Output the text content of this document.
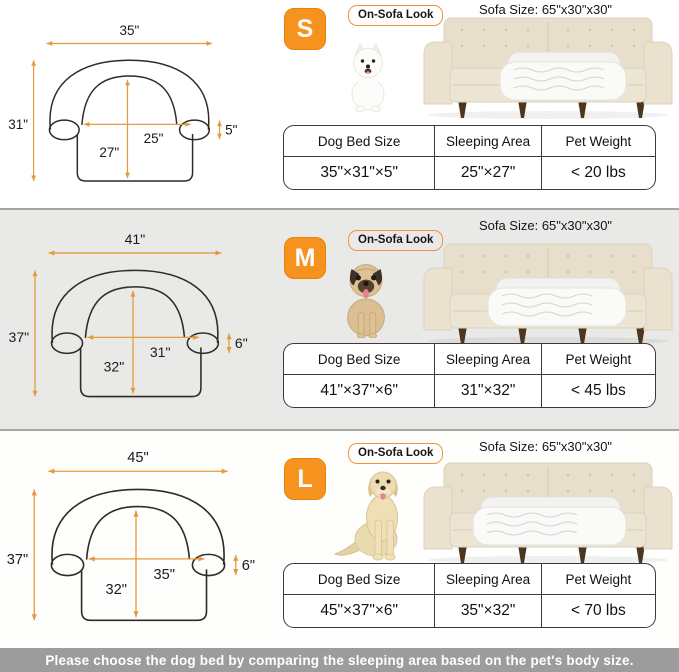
35"
31"
25"
27"
5"
S	On-Sofa Look	Sofa Size: 65"x30"x30"
Dog Bed Size	Sleeping Area	Pet Weight
35"×31"×5"	25"×27"	< 20 lbs
41"
37"
31"
32"
6"
M
On-Sofa Look
Sofa Size: 65"x30"x30"
Dog Bed Size	Sleeping Area	Pet Weight
41"×37"×6"	31"×32"	< 45 lbs
45"
37"
35"
32"
6"
L
On-Sofa Look	Sofa Size: 65"x30"x30"
Dog Bed Size	Sleeping Area	Pet Weight
45"×37"×6"	35"×32"	< 70 lbs
Please choose the dog bed by comparing the sleeping area based on the pet's body size.
